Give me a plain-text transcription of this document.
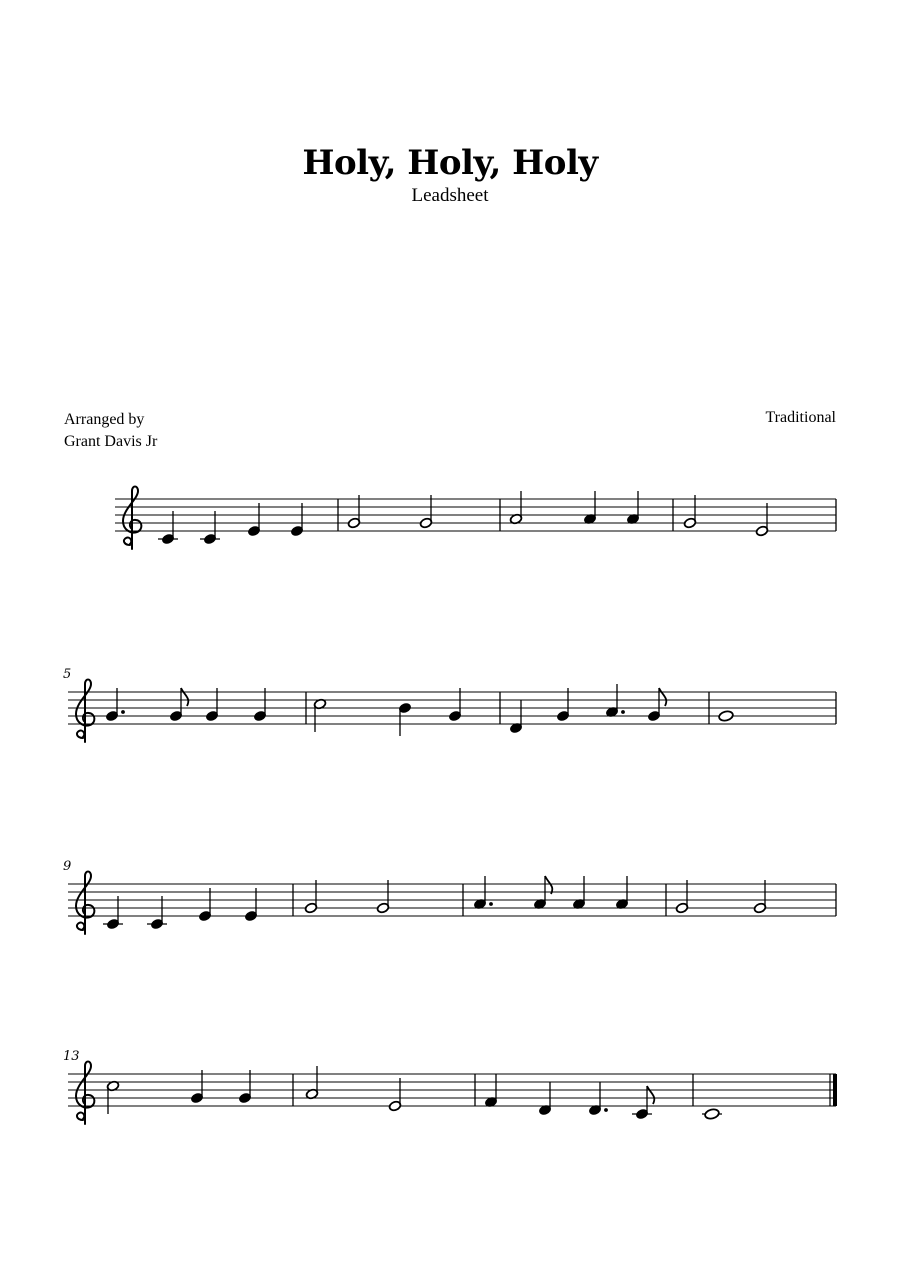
Holy, Holy, Holy
Leadsheet
Arranged by
Grant Davis Jr
Traditional
5
9
13
